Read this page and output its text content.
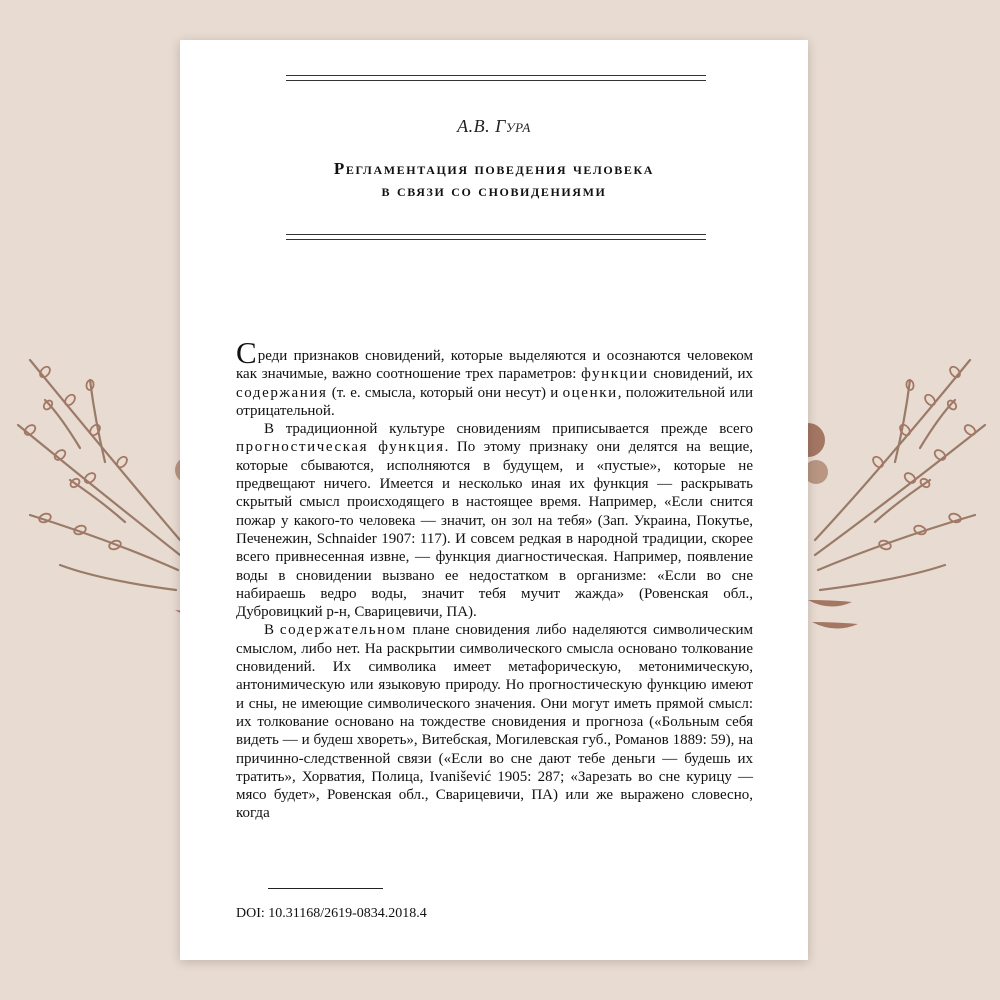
А.В. Гура
Регламентация поведения человека
в связи со сновидениями

Среди признаков сновидений, которые выделяются и осознаются человеком как значимые, важно соотношение трех параметров: функции сновидений, их содержания (т. е. смысла, который они несут) и оценки, положительной или отрицательной.

В традиционной культуре сновидениям приписывается прежде всего прогностическая функция. По этому признаку они делятся на вещие, которые сбываются, исполняются в будущем, и «пустые», которые не предвещают ничего. Имеется и несколько иная их функция — раскрывать скрытый смысл происходящего в настоящее время. Например, «Если снится пожар у какого-то человека — значит, он зол на тебя» (Зап. Украина, Покутье, Печенежин, Schnaider 1907: 117). И совсем редкая в народной традиции, скорее всего привнесенная извне, — функция диагностическая. Например, появление воды в сновидении вызвано ее недостатком в организме: «Если во сне набираешь ведро воды, значит тебя мучит жажда» (Ровенская обл., Дубровицкий р-н, Сварицевичи, ПА).

В содержательном плане сновидения либо наделяются символическим смыслом, либо нет. На раскрытии символического смысла основано толкование сновидений. Их символика имеет метафорическую, метонимическую, антонимическую или языковую природу. Но прогностическую функцию имеют и сны, не имеющие символического значения. Они могут иметь прямой смысл: их толкование основано на тождестве сновидения и прогноза («Больным себя видеть — и будеш хвореть», Витебская, Могилевская губ., Романов 1889: 59), на причинно-следственной связи («Если во сне дают тебе деньги — будешь их тратить», Хорватия, Полица, Ivanišević 1905: 287; «Зарезать во сне курицу — мясо будет», Ровенская обл., Сварицевичи, ПА) или же выражено словесно, когда

DOI: 10.31168/2619-0834.2018.4
